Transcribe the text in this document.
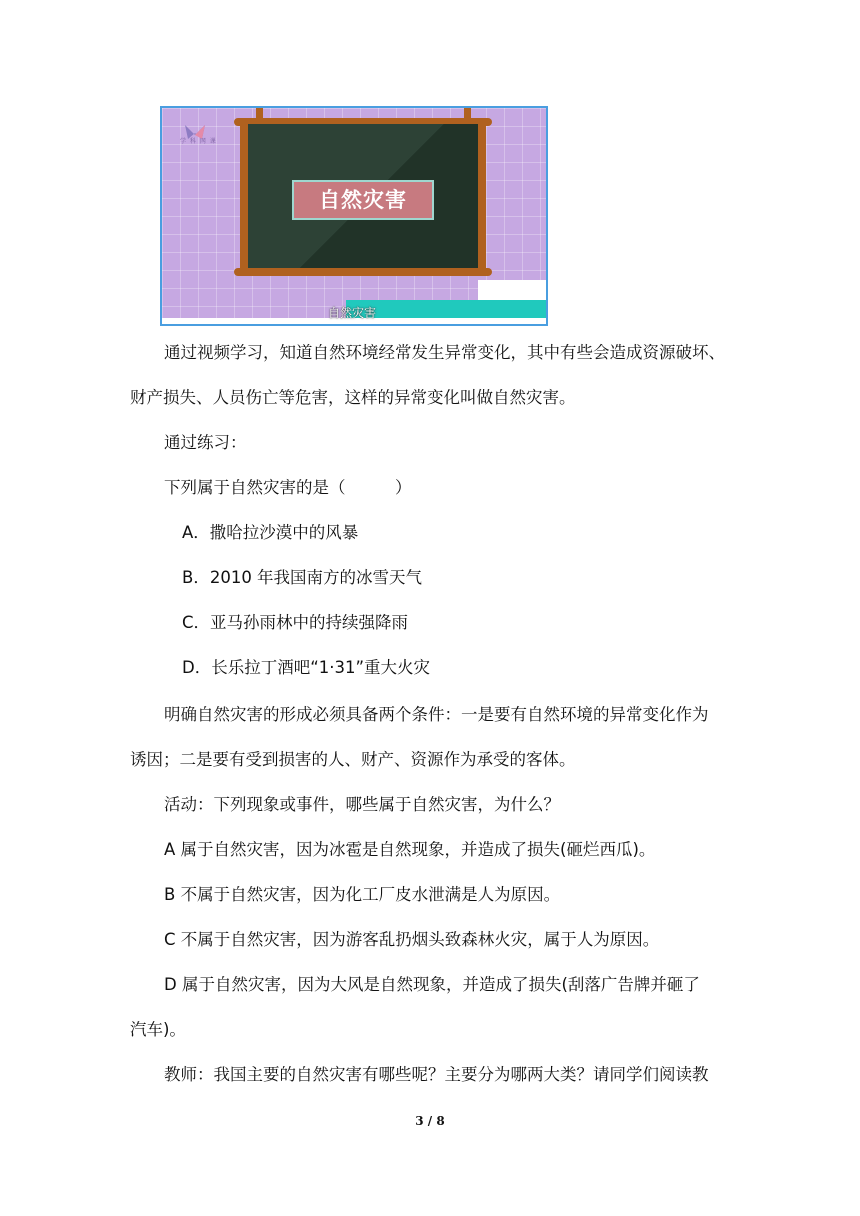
学 科 网 课
自然灾害
自然灾害

通过视频学习，知道自然环境经常发生异常变化，其中有些会造成资源破坏、

财产损失、人员伤亡等危害，这样的异常变化叫做自然灾害。

通过练习：

下列属于自然灾害的是（　　　）

A．撒哈拉沙漠中的风暴

B．2010 年我国南方的冰雪天气

C．亚马孙雨林中的持续强降雨

D．长乐拉丁酒吧“1·31”重大火灾

明确自然灾害的形成必须具备两个条件：一是要有自然环境的异常变化作为

诱因；二是要有受到损害的人、财产、资源作为承受的客体。

活动：下列现象或事件，哪些属于自然灾害，为什么？

A 属于自然灾害，因为冰雹是自然现象，并造成了损失(砸烂西瓜)。

B 不属于自然灾害，因为化工厂皮水泄满是人为原因。

C 不属于自然灾害，因为游客乱扔烟头致森林火灾，属于人为原因。

D 属于自然灾害，因为大风是自然现象，并造成了损失(刮落广告牌并砸了

汽车)。

教师：我国主要的自然灾害有哪些呢？主要分为哪两大类？请同学们阅读教

3 / 8
